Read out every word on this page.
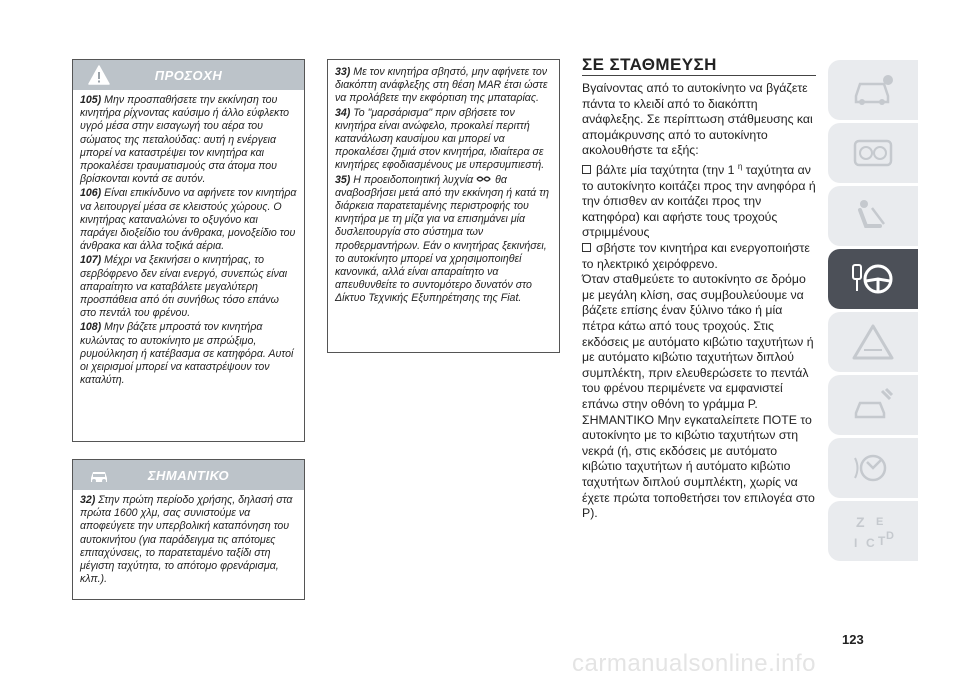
ΠΡΟΣΟΧΗ

105) Μην προσπαθήσετε την εκκίνηση του κινητήρα ρίχνοντας καύσιμο ή άλλο εύφλεκτο υγρό μέσα στην εισαγωγή του αέρα του σώματος της πεταλούδας: αυτή η ενέργεια μπορεί να καταστρέψει τον κινητήρα και προκαλέσει τραυματισμούς στα άτομα που βρίσκονται κοντά σε αυτόν.

106) Είναι επικίνδυνο να αφήνετε τον κινητήρα να λειτουργεί μέσα σε κλειστούς χώρους. Ο κινητήρας καταναλώνει το οξυγόνο και παράγει διοξείδιο του άνθρακα, μονοξείδιο του άνθρακα και άλλα τοξικά αέρια.

107) Μέχρι να ξεκινήσει ο κινητήρας, το σερβόφρενο δεν είναι ενεργό, συνεπώς είναι απαραίτητο να καταβάλετε μεγαλύτερη προσπάθεια από ότι συνήθως τόσο επάνω στο πεντάλ του φρένου.

108) Μην βάζετε μπροστά τον κινητήρα κυλώντας το αυτοκίνητο με σπρώξιμο, ρυμούλκηση ή κατέβασμα σε κατηφόρα. Αυτοί οι χειρισμοί μπορεί να καταστρέψουν τον καταλύτη.

ΣΗΜΑΝΤΙΚΟ

32) Στην πρώτη περίοδο χρήσης, δηλασή στα πρώτα 1600 χλμ, σας συνιστούμε να αποφεύγετε την υπερβολική καταπόνηση του αυτοκινήτου (για παράδειγμα τις απότομες επιταχύνσεις, το παρατεταμένο ταξίδι στη μέγιστη ταχύτητα, το απότομο φρενάρισμα, κλπ.).

33) Με τον κινητήρα σβηστό, μην αφήνετε τον διακόπτη ανάφλεξης στη θέση MAR έτσι ώστε να προλάβετε την εκφόρτιση της μπαταρίας.

34) Το "μαρσάρισμα" πριν σβήσετε τον κινητήρα είναι ανώφελο, προκαλεί περιττή κατανάλωση καυσίμου και μπορεί να προκαλέσει ζημιά στον κινητήρα, ιδιαίτερα σε κινητήρες εφοδιασμένους με υπερσυμπιεστή.

35) Η προειδοποιητική λυχνία  θα αναβοσβήσει μετά από την εκκίνηση ή κατά τη διάρκεια παρατεταμένης περιστροφής του κινητήρα με τη μίζα για να επισημάνει μία δυσλειτουργία στο σύστημα των προθερμαντήρων. Εάν ο κινητήρας ξεκινήσει, το αυτοκίνητο μπορεί να χρησιμοποιηθεί κανονικά, αλλά είναι απαραίτητο να απευθυνθείτε το συντομότερο δυνατόν στο Δίκτυο Τεχνικής Εξυπηρέτησης της Fiat.

ΣΕ ΣΤΑΘΜΕΥΣΗ

Βγαίνοντας από το αυτοκίνητο να βγάζετε πάντα το κλειδί από το διακόπτη ανάφλεξης. Σε περίπτωση στάθμευσης και απομάκρυνσης από το αυτοκίνητο ακολουθήστε τα εξής:

βάλτε μία ταχύτητα (την 1 $^\eta$ ταχύτητα αν το αυτοκίνητο κοιτάζει προς την ανηφόρα ή την όπισθεν αν κοιτάζει προς την κατηφόρα) και αφήστε τους τροχούς στριμμένους

σβήστε τον κινητήρα και ενεργοποιήστε το ηλεκτρικό χειρόφρενο.

Όταν σταθμεύετε το αυτοκίνητο σε δρόμο με μεγάλη κλίση, σας συμβουλεύουμε να βάζετε επίσης έναν ξύλινο τάκο ή μία πέτρα κάτω από τους τροχούς. Στις εκδόσεις με αυτόματο κιβώτιο ταχυτήτων ή με αυτόματο κιβώτιο ταχυτήτων διπλού συμπλέκτη, πριν ελευθερώσετε το πεντάλ του φρένου περιμένετε να εμφανιστεί επάνω στην οθόνη το γράμμα P. ΣΗΜΑΝΤΙΚΟ Μην εγκαταλείπετε ΠΟΤΕ το αυτοκίνητο με το κιβώτιο ταχυτήτων στη νεκρά (ή, στις εκδόσεις με αυτόματο κιβώτιο ταχυτήτων ή αυτόματο κιβώτιο ταχυτήτων διπλού συμπλέκτη, χωρίς να έχετε πρώτα τοποθετήσει τον επιλογέα στο P).

Z E
I C T D
123
carmanualsonline.info
